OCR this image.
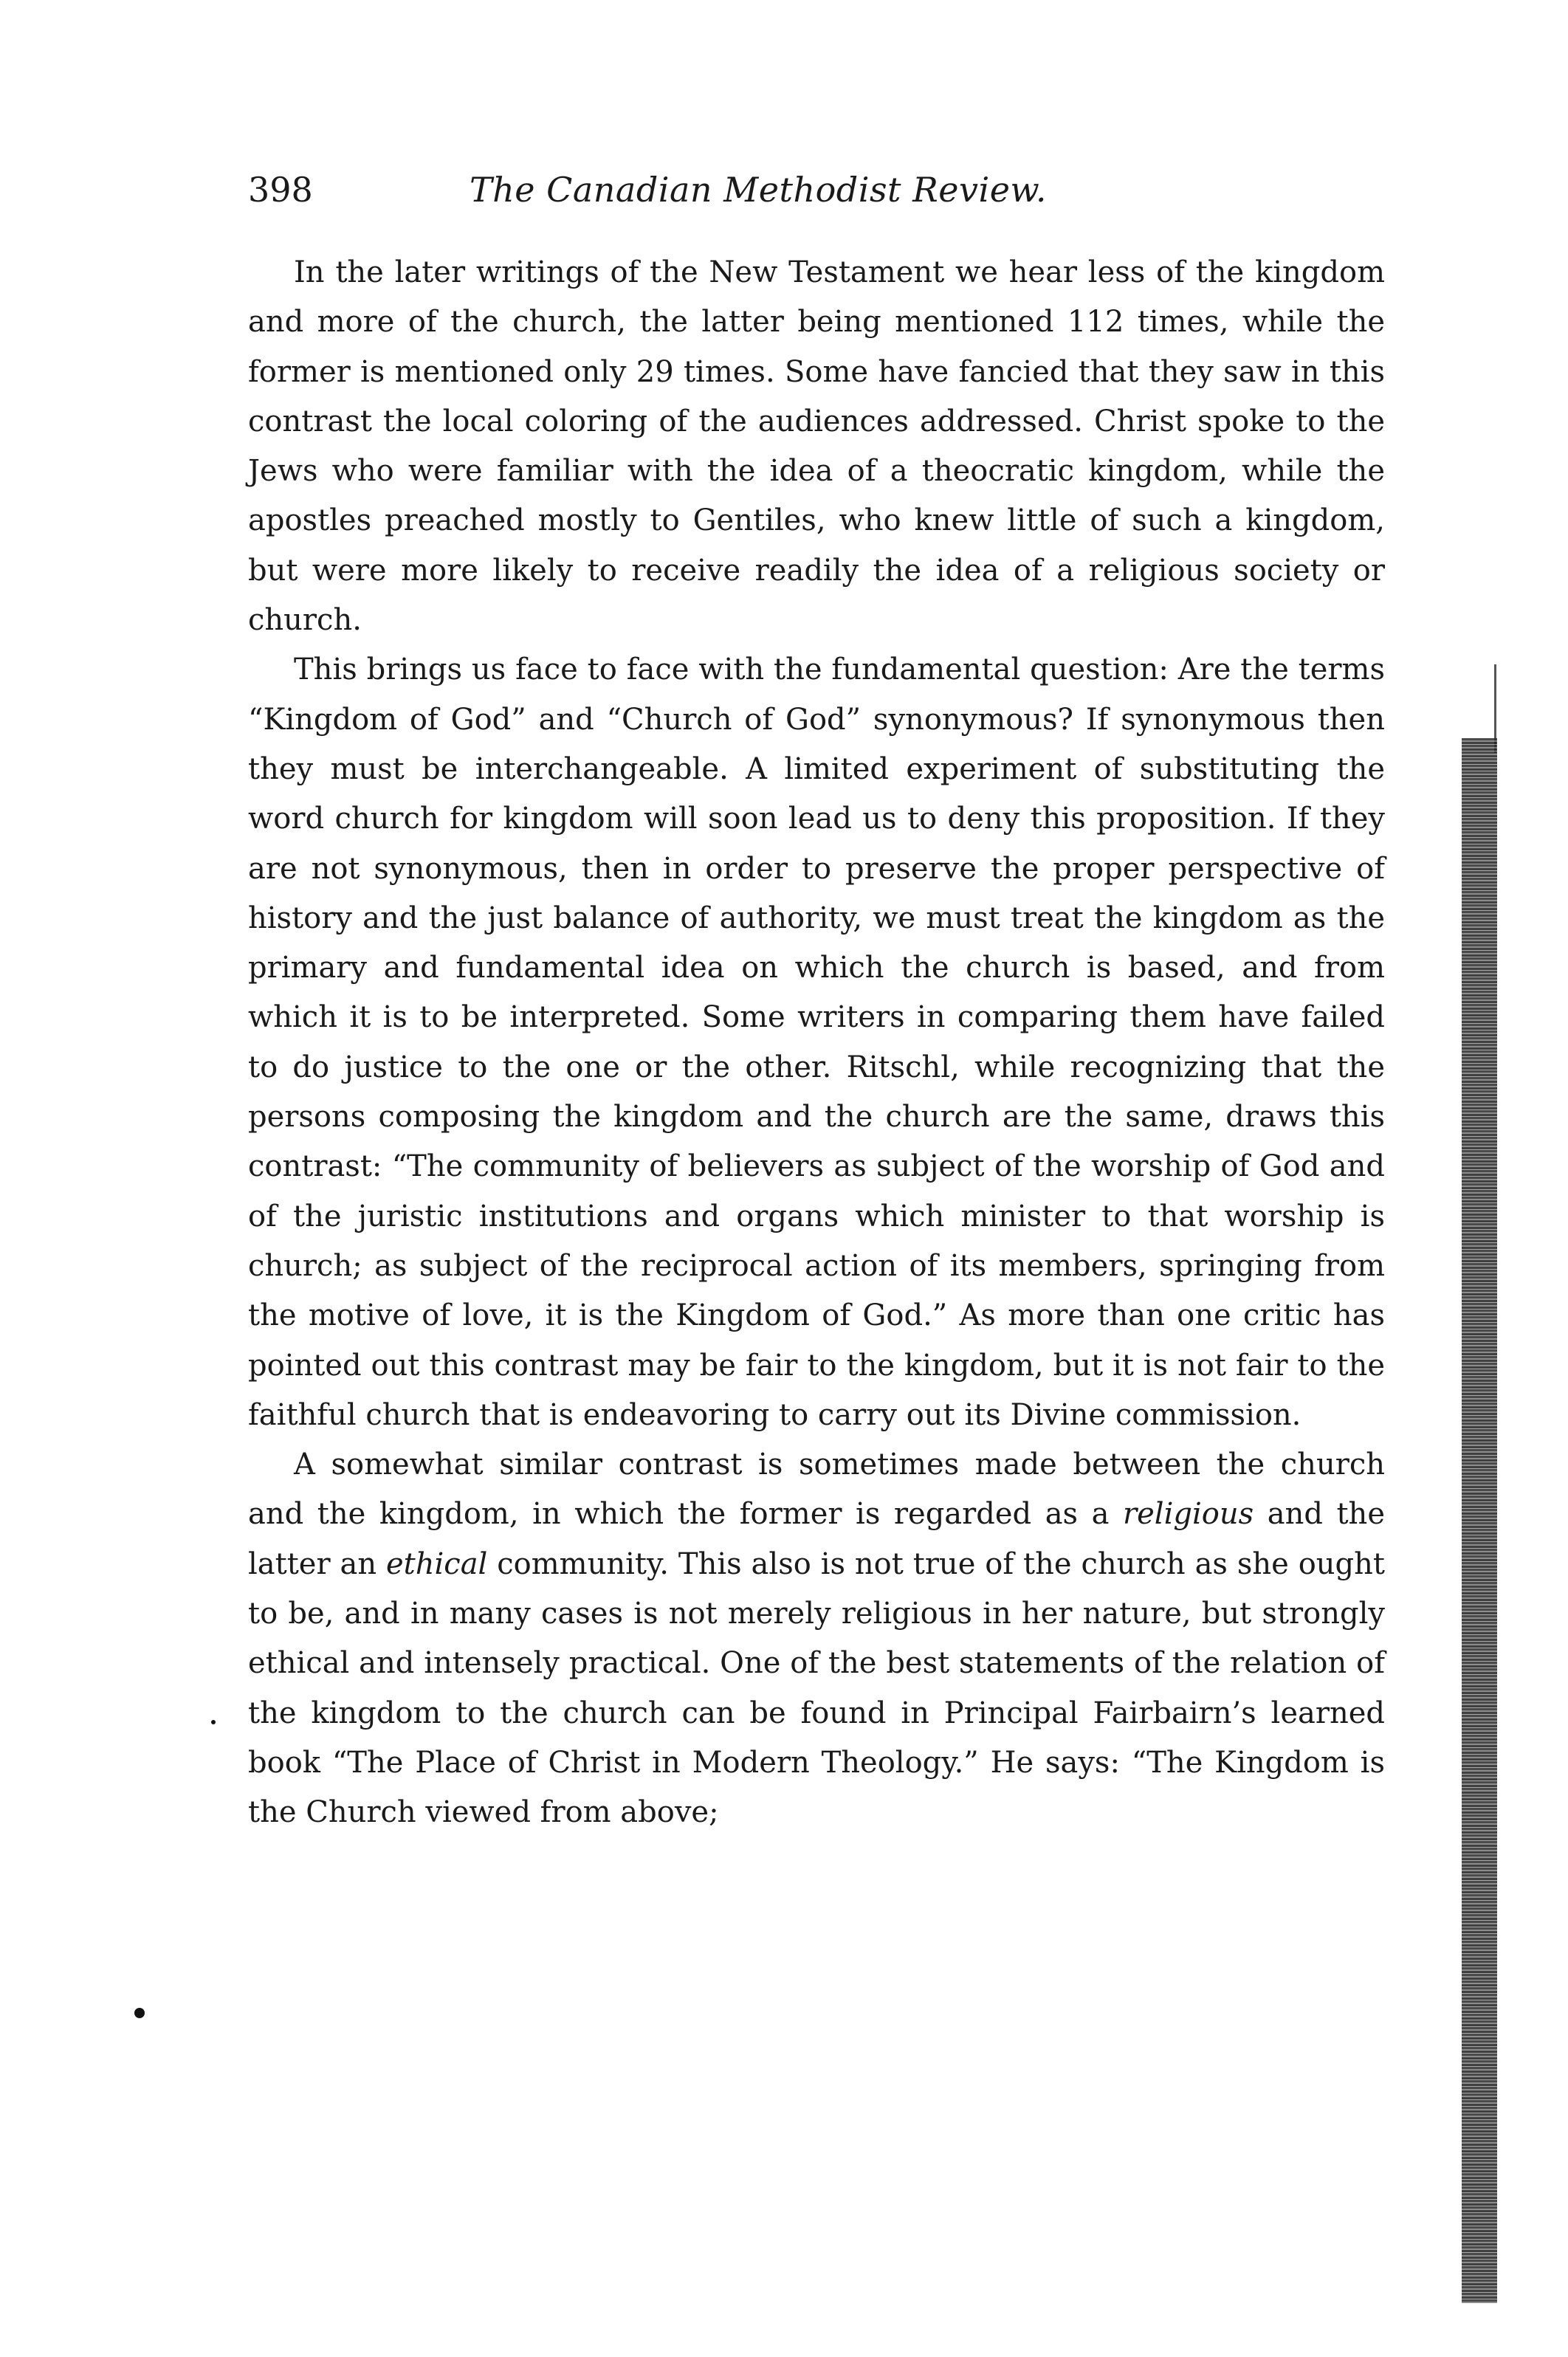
398	The Canadian Methodist Review.

In the later writings of the New Testament we hear less of the kingdom and more of the church, the latter being mentioned 112 times, while the former is mentioned only 29 times. Some have fancied that they saw in this contrast the local coloring of the audiences addressed. Christ spoke to the Jews who were familiar with the idea of a theocratic kingdom, while the apostles preached mostly to Gentiles, who knew little of such a kingdom, but were more likely to receive readily the idea of a religious society or church.

This brings us face to face with the fundamental question: Are the terms “Kingdom of God” and “Church of God” synonymous? If synonymous then they must be interchangeable. A limited experiment of substituting the word church for kingdom will soon lead us to deny this proposition. If they are not synonymous, then in order to preserve the proper perspective of history and the just balance of authority, we must treat the kingdom as the primary and fundamental idea on which the church is based, and from which it is to be interpreted. Some writers in comparing them have failed to do justice to the one or the other. Ritschl, while recognizing that the persons composing the kingdom and the church are the same, draws this contrast: “The community of believers as subject of the worship of God and of the juristic institutions and organs which minister to that worship is church; as subject of the reciprocal action of its members, springing from the motive of love, it is the Kingdom of God.” As more than one critic has pointed out this contrast may be fair to the kingdom, but it is not fair to the faithful church that is endeavoring to carry out its Divine commission.

A somewhat similar contrast is sometimes made between the church and the kingdom, in which the former is regarded as a religious and the latter an ethical community. This also is not true of the church as she ought to be, and in many cases is not merely religious in her nature, but strongly ethical and intensely practical. One of the best statements of the relation of the kingdom to the church can be found in Principal Fairbairn’s learned book “The Place of Christ in Modern Theology.” He says: “The Kingdom is the Church viewed from above;
